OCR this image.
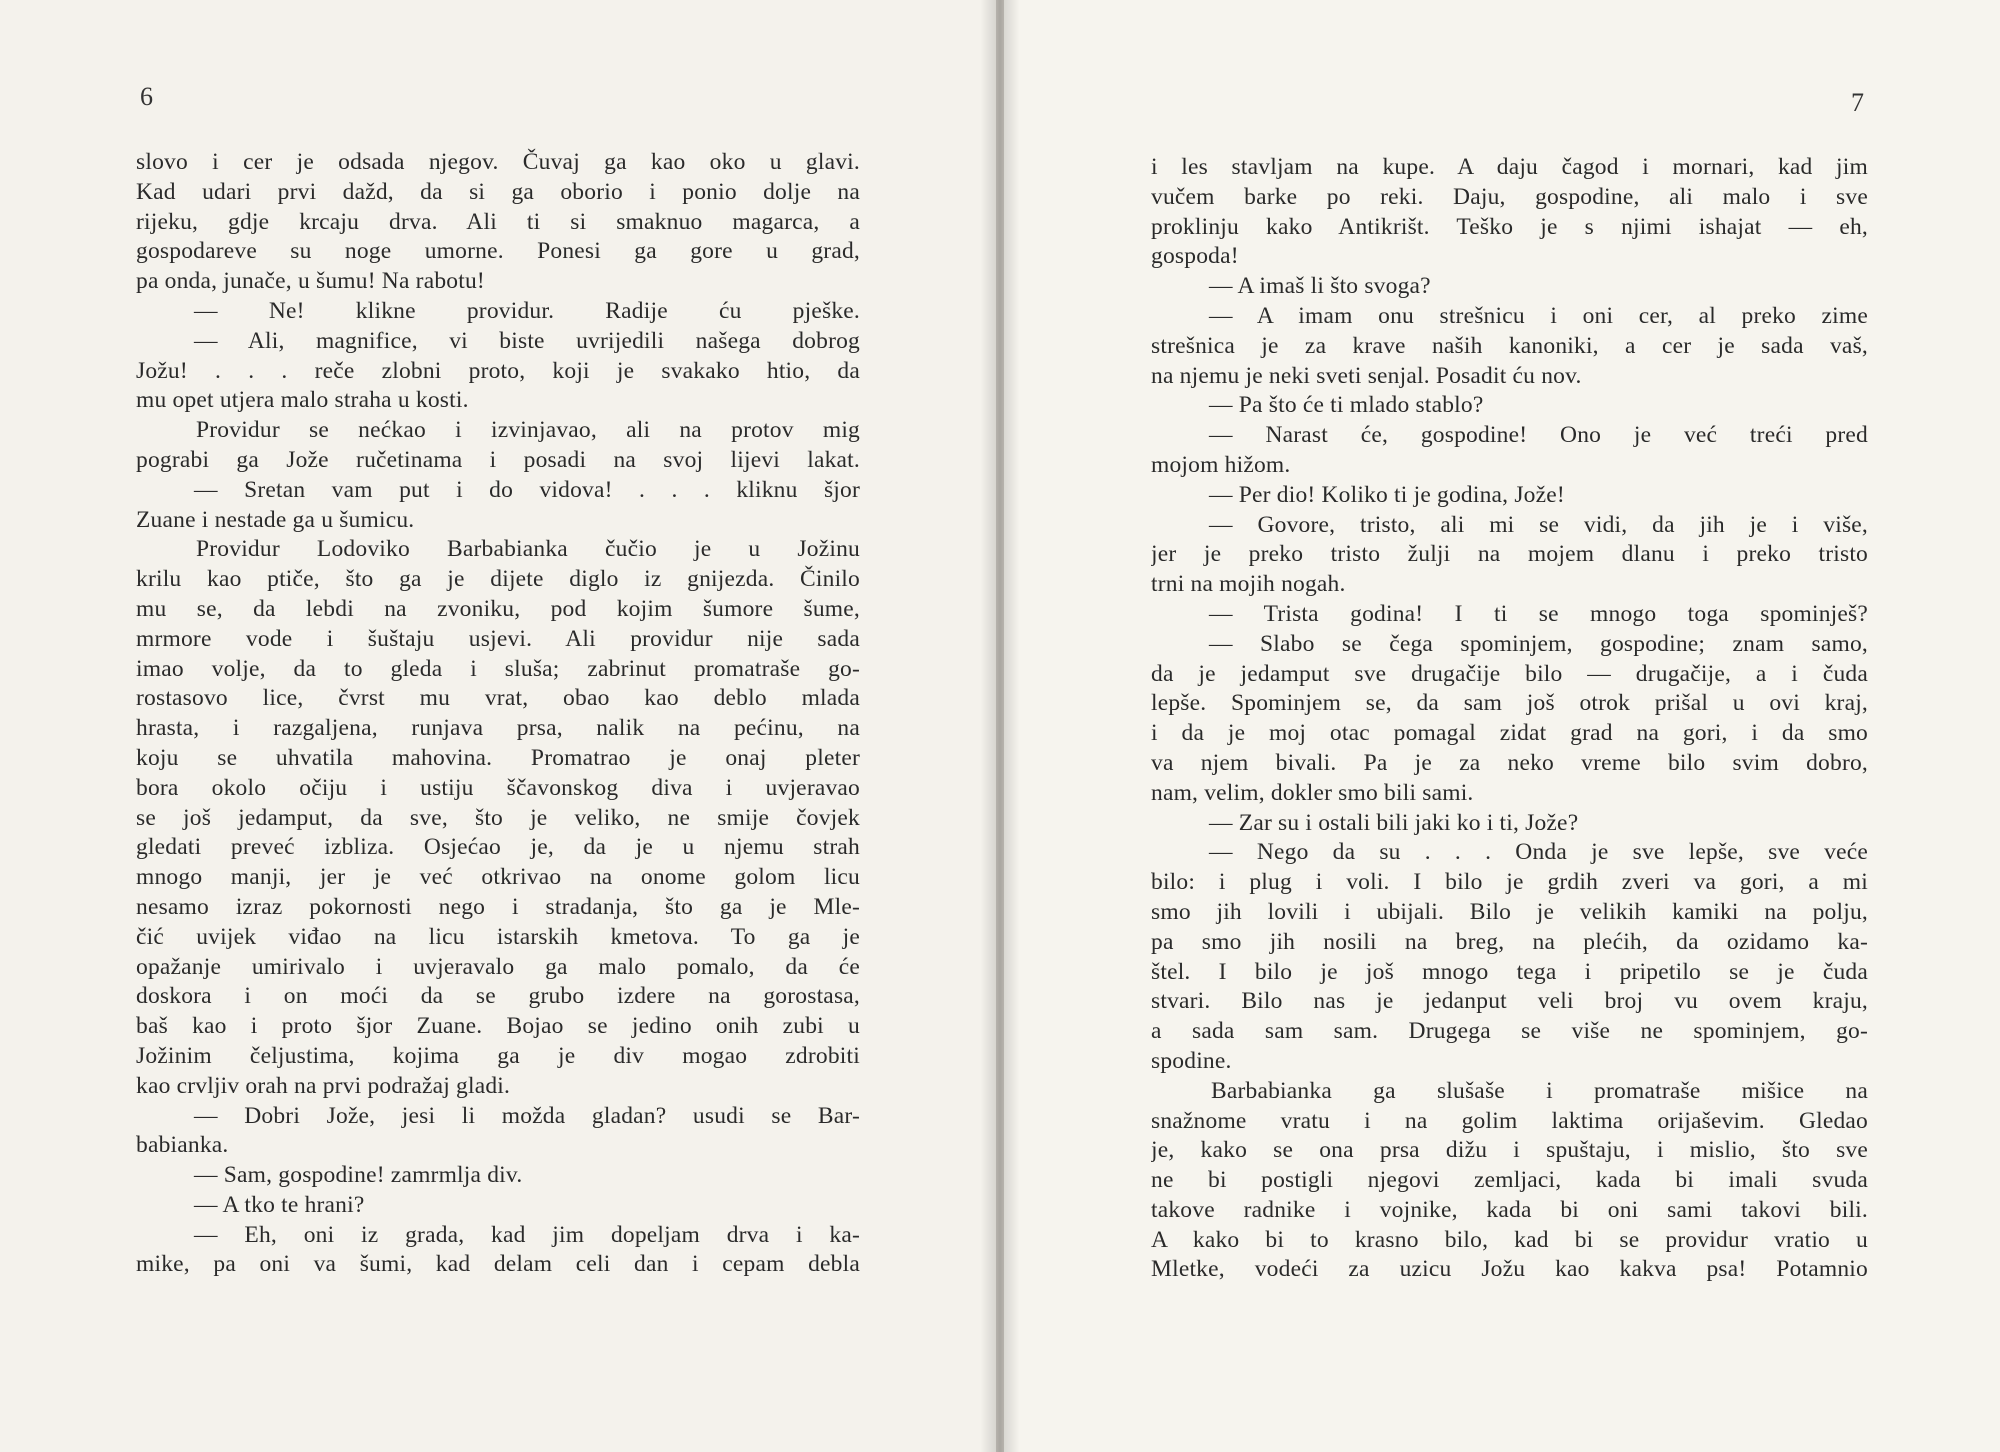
6
slovo i cer je odsada njegov. Čuvaj ga kao oko u glavi.
Kad udari prvi dažd, da si ga oborio i ponio dolje na
rijeku, gdje krcaju drva. Ali ti si smaknuo magarca, a
gospodareve su noge umorne. Ponesi ga gore u grad,
pa onda, junače, u šumu! Na rabotu!
— Ne! klikne providur. Radije ću pješke.
— Ali, magnifice, vi biste uvrijedili našega dobrog
Jožu! . . . reče zlobni proto, koji je svakako htio, da
mu opet utjera malo straha u kosti.
Providur se nećkao i izvinjavao, ali na protov mig
pograbi ga Jože ručetinama i posadi na svoj lijevi lakat.
— Sretan vam put i do vidova! . . . kliknu šjor
Zuane i nestade ga u šumicu.
Providur Lodoviko Barbabianka čučio je u Jožinu
krilu kao ptiče, što ga je dijete diglo iz gnijezda. Činilo
mu se, da lebdi na zvoniku, pod kojim šumore šume,
mrmore vode i šuštaju usjevi. Ali providur nije sada
imao volje, da to gleda i sluša; zabrinut promatraše go-
rostasovo lice, čvrst mu vrat, obao kao deblo mlada
hrasta, i razgaljena, runjava prsa, nalik na pećinu, na
koju se uhvatila mahovina. Promatrao je onaj pleter
bora okolo očiju i ustiju ščavonskog diva i uvjeravao
se još jedamput, da sve, što je veliko, ne smije čovjek
gledati preveć izbliza. Osjećao je, da je u njemu strah
mnogo manji, jer je već otkrivao na onome golom licu
nesamo izraz pokornosti nego i stradanja, što ga je Mle-
čić uvijek viđao na licu istarskih kmetova. To ga je
opažanje umirivalo i uvjeravalo ga malo pomalo, da će
doskora i on moći da se grubo izdere na gorostasa,
baš kao i proto šjor Zuane. Bojao se jedino onih zubi u
Jožinim čeljustima, kojima ga je div mogao zdrobiti
kao crvljiv orah na prvi podražaj gladi.
— Dobri Jože, jesi li možda gladan? usudi se Bar-
babianka.
— Sam, gospodine! zamrmlja div.
— A tko te hrani?
— Eh, oni iz grada, kad jim dopeljam drva i ka-
mike, pa oni va šumi, kad delam celi dan i cepam debla
7
i les stavljam na kupe. A daju čagod i mornari, kad jim
vučem barke po reki. Daju, gospodine, ali malo i sve
proklinju kako Antikrišt. Teško je s njimi ishajat — eh,
gospoda!
— A imaš li što svoga?
— A imam onu strešnicu i oni cer, al preko zime
strešnica je za krave naših kanoniki, a cer je sada vaš,
na njemu je neki sveti senjal. Posadit ću nov.
— Pa što će ti mlado stablo?
— Narast će, gospodine! Ono je već treći pred
mojom hižom.
— Per dio! Koliko ti je godina, Jože!
— Govore, tristo, ali mi se vidi, da jih je i više,
jer je preko tristo žulji na mojem dlanu i preko tristo
trni na mojih nogah.
— Trista godina! I ti se mnogo toga spominješ?
— Slabo se čega spominjem, gospodine; znam samo,
da je jedamput sve drugačije bilo — drugačije, a i čuda
lepše. Spominjem se, da sam još otrok prišal u ovi kraj,
i da je moj otac pomagal zidat grad na gori, i da smo
va njem bivali. Pa je za neko vreme bilo svim dobro,
nam, velim, dokler smo bili sami.
— Zar su i ostali bili jaki ko i ti, Jože?
— Nego da su . . . Onda je sve lepše, sve veće
bilo: i plug i voli. I bilo je grdih zveri va gori, a mi
smo jih lovili i ubijali. Bilo je velikih kamiki na polju,
pa smo jih nosili na breg, na plećih, da ozidamo ka-
štel. I bilo je još mnogo tega i pripetilo se je čuda
stvari. Bilo nas je jedanput veli broj vu ovem kraju,
a sada sam sam. Drugega se više ne spominjem, go-
spodine.
Barbabianka ga slušaše i promatraše mišice na
snažnome vratu i na golim laktima orijaševim. Gledao
je, kako se ona prsa dižu i spuštaju, i mislio, što sve
ne bi postigli njegovi zemljaci, kada bi imali svuda
takove radnike i vojnike, kada bi oni sami takovi bili.
A kako bi to krasno bilo, kad bi se providur vratio u
Mletke, vodeći za uzicu Jožu kao kakva psa! Potamnio
